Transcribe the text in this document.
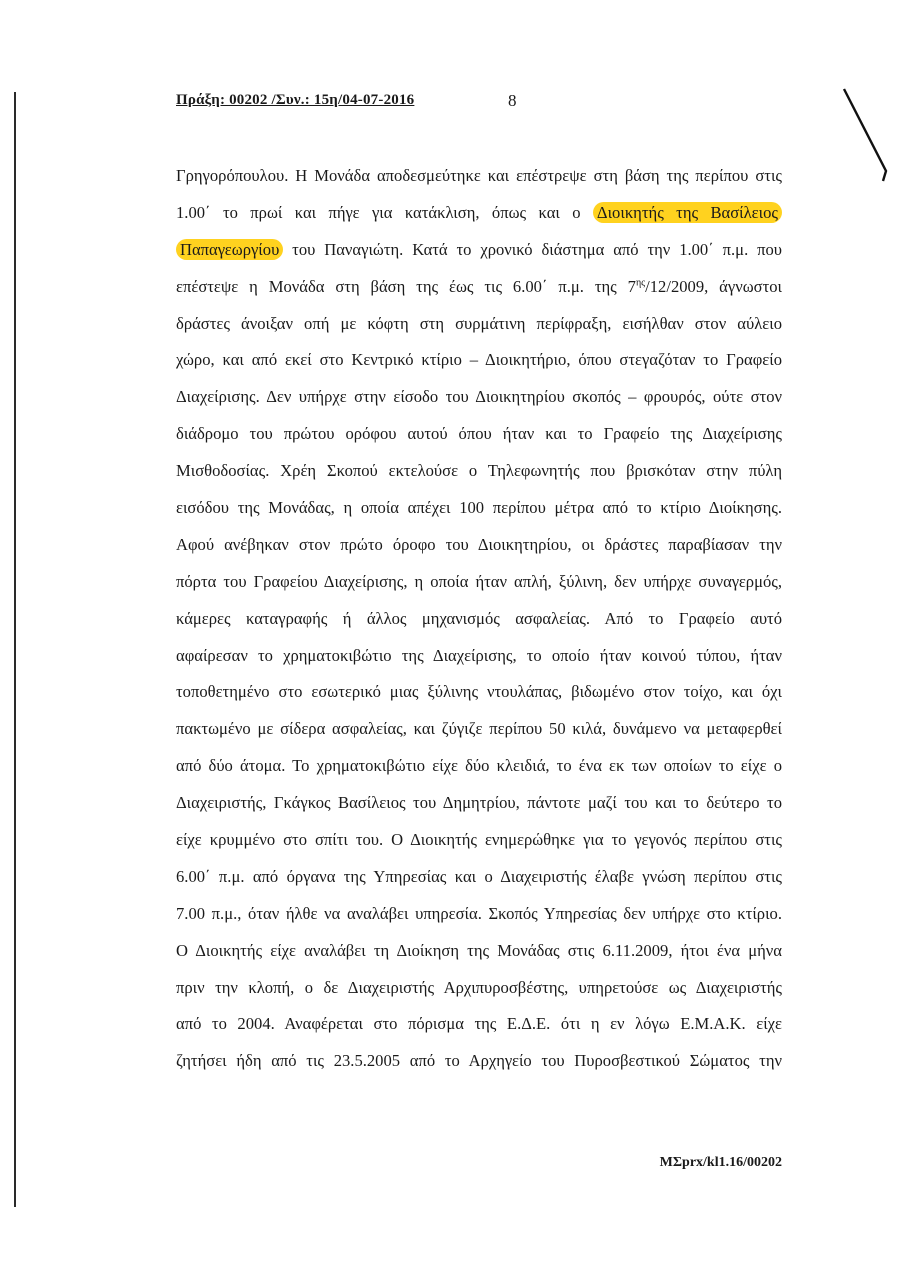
Πράξη: 00202 /Συν.: 15η/04-07-2016	8
Γρηγορόπουλου. Η Μονάδα αποδεσμεύτηκε και επέστρεψε στη βάση της περίπου στις
1.00΄ το πρωί και πήγε για κατάκλιση, όπως και ο Διοικητής της Βασίλειος
Παπαγεωργίου του Παναγιώτη. Κατά το χρονικό διάστημα από την 1.00΄ π.μ. που
επέστεψε η Μονάδα στη βάση της έως τις 6.00΄ π.μ. της $7^{\eta\varsigma}/12/2009$, άγνωστοι
δράστες άνοιξαν οπή με κόφτη στη συρμάτινη περίφραξη, εισήλθαν στον αύλειο
χώρο, και από εκεί στο Κεντρικό κτίριο – Διοικητήριο, όπου στεγαζόταν το Γραφείο
Διαχείρισης. Δεν υπήρχε στην είσοδο του Διοικητηρίου σκοπός – φρουρός, ούτε στον
διάδρομο του πρώτου ορόφου αυτού όπου ήταν και το Γραφείο της Διαχείρισης
Μισθοδοσίας. Χρέη Σκοπού εκτελούσε ο Τηλεφωνητής που βρισκόταν στην πύλη
εισόδου της Μονάδας, η οποία απέχει 100 περίπου μέτρα από το κτίριο Διοίκησης.
Αφού ανέβηκαν στον πρώτο όροφο του Διοικητηρίου, οι δράστες παραβίασαν την
πόρτα του Γραφείου Διαχείρισης, η οποία ήταν απλή, ξύλινη, δεν υπήρχε συναγερμός,
κάμερες καταγραφής ή άλλος μηχανισμός ασφαλείας. Από το Γραφείο αυτό
αφαίρεσαν το χρηματοκιβώτιο της Διαχείρισης, το οποίο ήταν κοινού τύπου, ήταν
τοποθετημένο στο εσωτερικό μιας ξύλινης ντουλάπας, βιδωμένο στον τοίχο, και όχι
πακτωμένο με σίδερα ασφαλείας, και ζύγιζε περίπου 50 κιλά, δυνάμενο να μεταφερθεί
από δύο άτομα. Το χρηματοκιβώτιο είχε δύο κλειδιά, το ένα εκ των οποίων το είχε ο
Διαχειριστής, Γκάγκος Βασίλειος του Δημητρίου, πάντοτε μαζί του και το δεύτερο το
είχε κρυμμένο στο σπίτι του. Ο Διοικητής ενημερώθηκε για το γεγονός περίπου στις
6.00΄ π.μ. από όργανα της Υπηρεσίας και ο Διαχειριστής έλαβε γνώση περίπου στις
7.00 π.μ., όταν ήλθε να αναλάβει υπηρεσία. Σκοπός Υπηρεσίας δεν υπήρχε στο κτίριο.
Ο Διοικητής είχε αναλάβει τη Διοίκηση της Μονάδας στις 6.11.2009, ήτοι ένα μήνα
πριν την κλοπή, ο δε Διαχειριστής Αρχιπυροσβέστης, υπηρετούσε ως Διαχειριστής
από το 2004. Αναφέρεται στο πόρισμα της Ε.Δ.Ε. ότι η εν λόγω Ε.Μ.Α.Κ. είχε
ζητήσει ήδη από τις 23.5.2005 από το Αρχηγείο του Πυροσβεστικού Σώματος την
ΜΣprx/kl1.16/00202
